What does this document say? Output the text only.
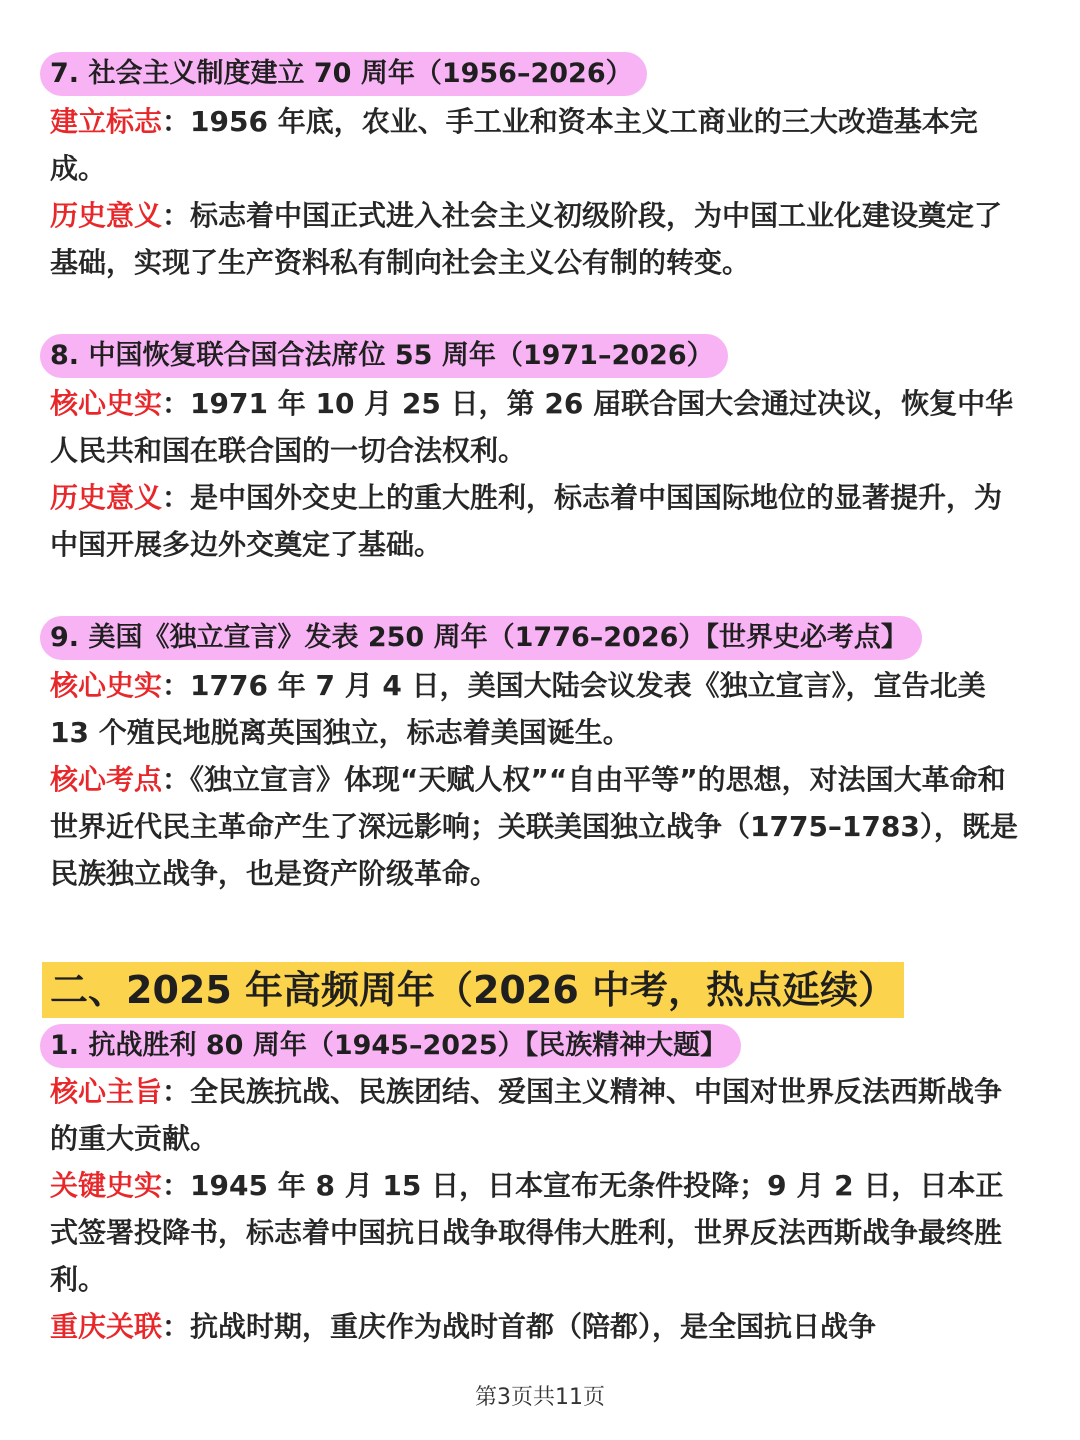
7. 社会主义制度建立 70 周年（1956–2026）

建立标志：1956 年底，农业、手工业和资本主义工商业的三大改造基本完成。

历史意义：标志着中国正式进入社会主义初级阶段，为中国工业化建设奠定了基础，实现了生产资料私有制向社会主义公有制的转变。

8. 中国恢复联合国合法席位 55 周年（1971–2026）

核心史实：1971 年 10 月 25 日，第 26 届联合国大会通过决议，恢复中华人民共和国在联合国的一切合法权利。

历史意义：是中国外交史上的重大胜利，标志着中国国际地位的显著提升，为中国开展多边外交奠定了基础。

9. 美国《独立宣言》发表 250 周年（1776–2026）【世界史必考点】

核心史实：1776 年 7 月 4 日，美国大陆会议发表《独立宣言》，宣告北美 13 个殖民地脱离英国独立，标志着美国诞生。

核心考点：《独立宣言》体现“天赋人权”“自由平等”的思想，对法国大革命和世界近代民主革命产生了深远影响；关联美国独立战争（1775–1783），既是民族独立战争，也是资产阶级革命。

二、2025 年高频周年（2026 中考，热点延续）
1. 抗战胜利 80 周年（1945–2025）【民族精神大题】

核心主旨：全民族抗战、民族团结、爱国主义精神、中国对世界反法西斯战争的重大贡献。

关键史实：1945 年 8 月 15 日，日本宣布无条件投降；9 月 2 日，日本正式签署投降书，标志着中国抗日战争取得伟大胜利，世界反法西斯战争最终胜利。

重庆关联：抗战时期，重庆作为战时首都（陪都），是全国抗日战争

第3页共11页
